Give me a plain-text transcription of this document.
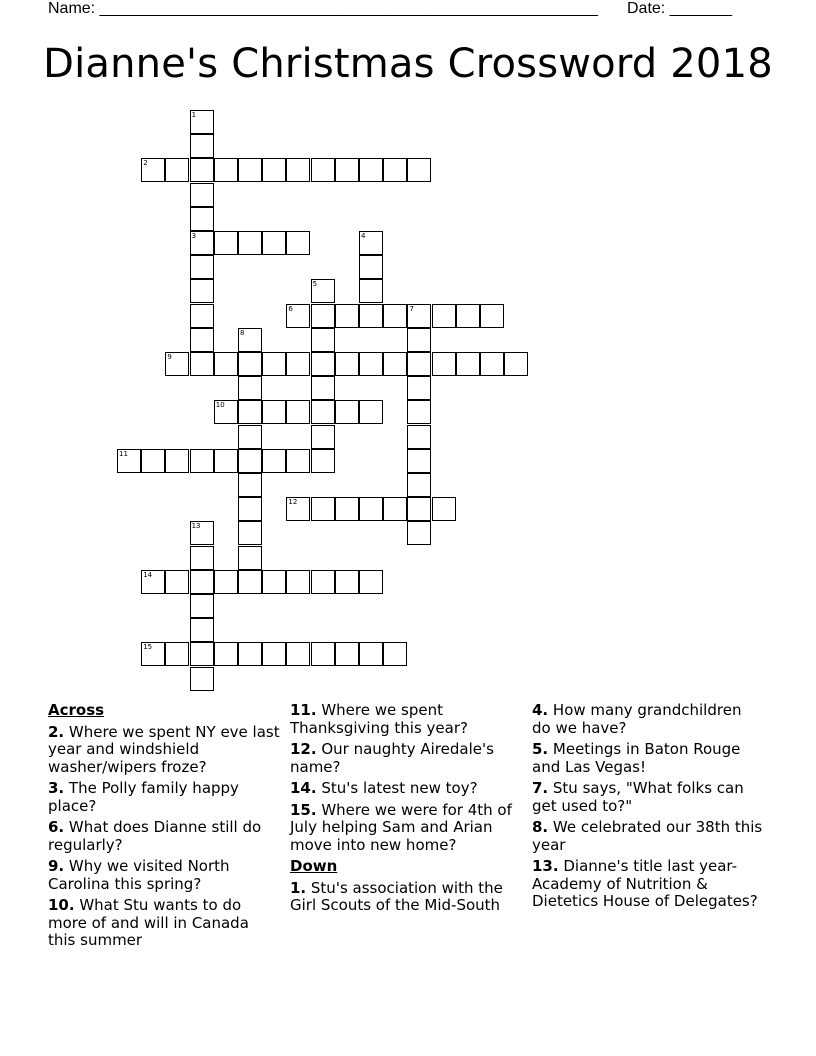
Name: ________________________________________________________ Date: _______
Dianne's Christmas Crossword 2018
1
3
2
4
5
6	7
8
9
10
11
12
13
14
15
Across
2. Where we spent NY eve last year and windshield washer/wipers froze?
3. The Polly family happy place?
6. What does Dianne still do regularly?
9. Why we visited North Carolina this spring?
10. What Stu wants to do more of and will in Canada this summer
11. Where we spent Thanksgiving this year?
12. Our naughty Airedale's name?
14. Stu's latest new toy?
15. Where we were for 4th of July helping Sam and Arian move into new home?
Down
1. Stu's association with the Girl Scouts of the Mid-South
4. How many grandchildren do we have?
5. Meetings in Baton Rouge and Las Vegas!
7. Stu says, "What folks can get used to?"
8. We celebrated our 38th this year
13. Dianne's title last year- Academy of Nutrition & Dietetics House of Delegates?
